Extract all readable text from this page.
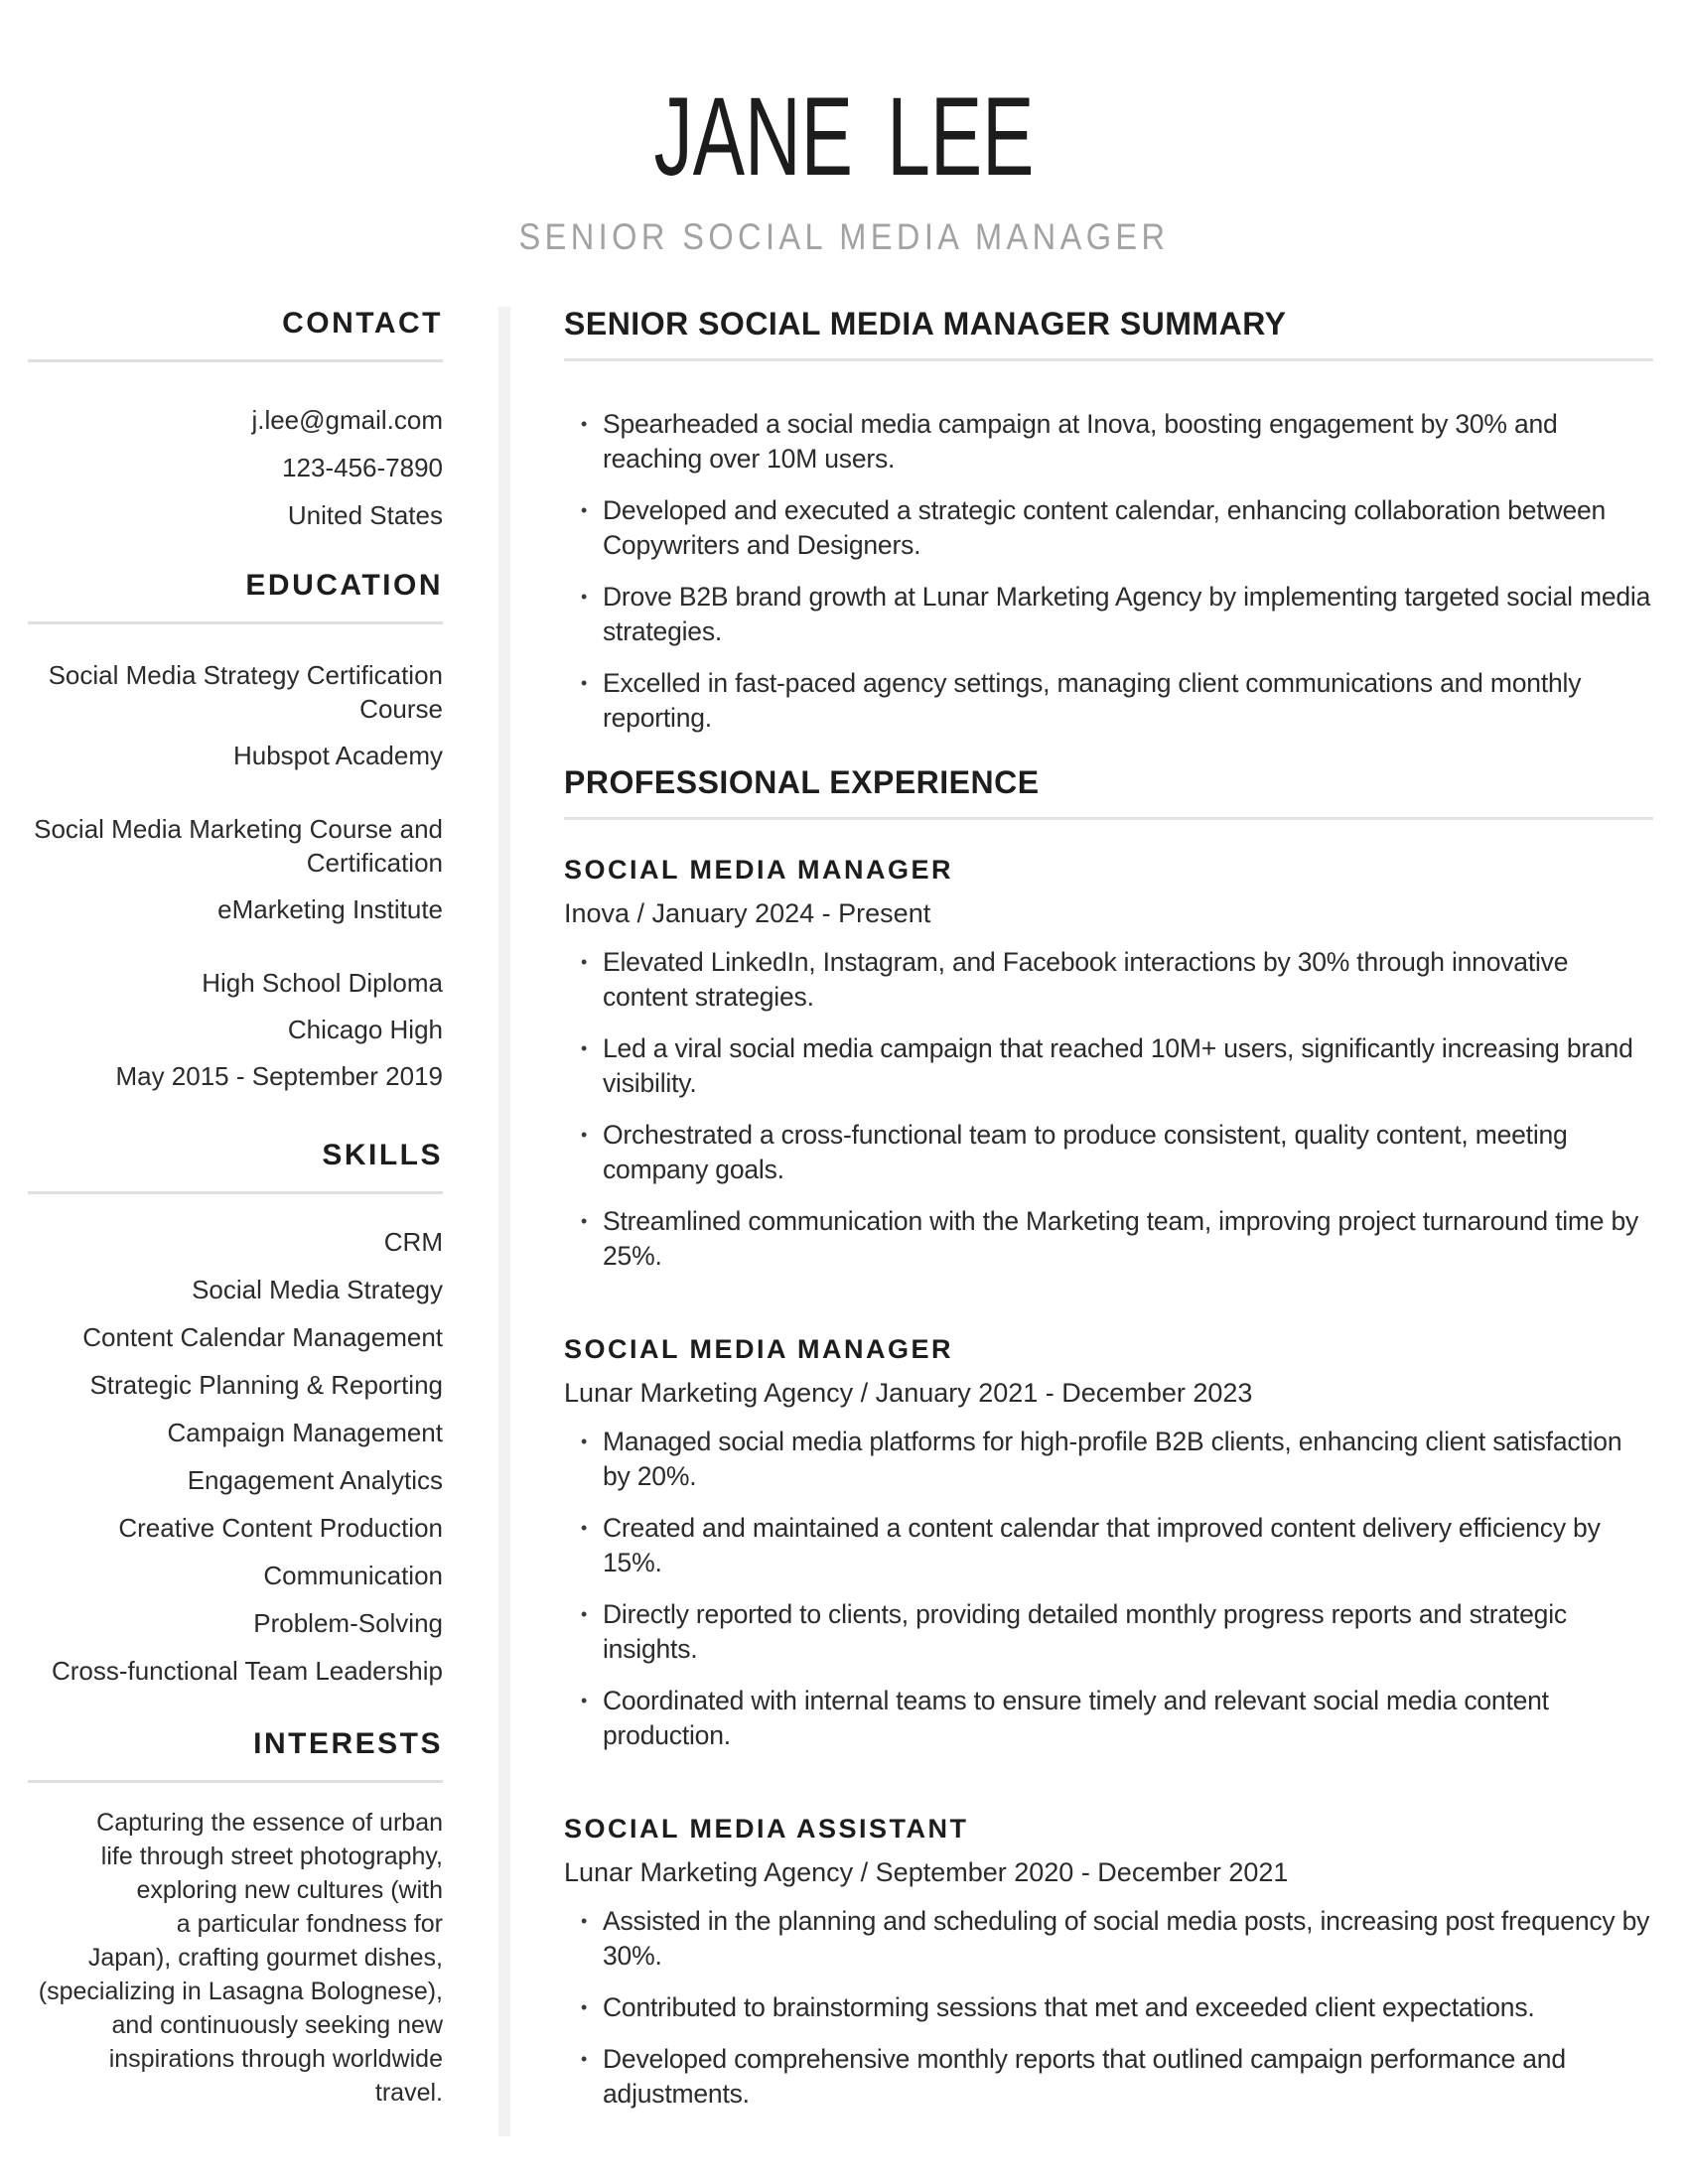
JANE LEE
SENIOR SOCIAL MEDIA MANAGER
CONTACT
j.lee@gmail.com
123-456-7890
United States
EDUCATION
Social Media Strategy Certification
Course
Hubspot Academy
Social Media Marketing Course and
Certification
eMarketing Institute
High School Diploma
Chicago High
May 2015 - September 2019
SKILLS
CRM
Social Media Strategy
Content Calendar Management
Strategic Planning & Reporting
Campaign Management
Engagement Analytics
Creative Content Production
Communication
Problem-Solving
Cross-functional Team Leadership
INTERESTS
Capturing the essence of urban
life through street photography,
exploring new cultures (with
a particular fondness for
Japan), crafting gourmet dishes,
(specializing in Lasagna Bolognese),
and continuously seeking new
inspirations through worldwide
travel.
SENIOR SOCIAL MEDIA MANAGER SUMMARY
• Spearheaded a social media campaign at Inova, boosting engagement by 30% and reaching over 10M users.
• Developed and executed a strategic content calendar, enhancing collaboration between Copywriters and Designers.
• Drove B2B brand growth at Lunar Marketing Agency by implementing targeted social media strategies.
• Excelled in fast-paced agency settings, managing client communications and monthly reporting.
PROFESSIONAL EXPERIENCE
SOCIAL MEDIA MANAGER
Inova / January 2024 - Present
• Elevated LinkedIn, Instagram, and Facebook interactions by 30% through innovative content strategies.
• Led a viral social media campaign that reached 10M+ users, significantly increasing brand visibility.
• Orchestrated a cross-functional team to produce consistent, quality content, meeting company goals.
• Streamlined communication with the Marketing team, improving project turnaround time by 25%.
SOCIAL MEDIA MANAGER
Lunar Marketing Agency / January 2021 - December 2023
• Managed social media platforms for high-profile B2B clients, enhancing client satisfaction by 20%.
• Created and maintained a content calendar that improved content delivery efficiency by 15%.
• Directly reported to clients, providing detailed monthly progress reports and strategic insights.
• Coordinated with internal teams to ensure timely and relevant social media content production.
SOCIAL MEDIA ASSISTANT
Lunar Marketing Agency / September 2020 - December 2021
• Assisted in the planning and scheduling of social media posts, increasing post frequency by 30%.
• Contributed to brainstorming sessions that met and exceeded client expectations.
• Developed comprehensive monthly reports that outlined campaign performance and adjustments.
